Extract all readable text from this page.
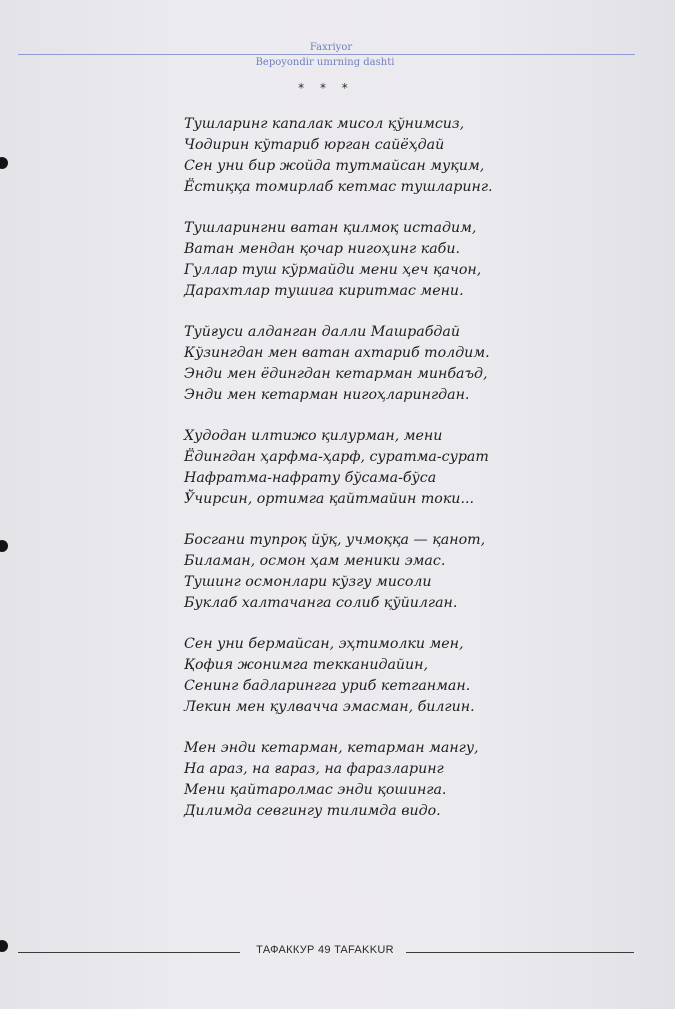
Faxriyor
Bepoyondir umrning dashti
* * *
Тушларинг капалак мисол қўнимсиз,
Чодирин кўтариб юрган сайёҳдай
Сен уни бир жойда тутмайсан муқим,
Ёстиққа томирлаб кетмас тушларинг.
Тушларингни ватан қилмоқ истадим,
Ватан мендан қочар нигоҳинг каби.
Гуллар туш кўрмайди мени ҳеч қачон,
Дарахтлар тушига киритмас мени.
Туйғуси алданган далли Машрабдай
Кўзингдан мен ватан ахтариб толдим.
Энди мен ёдингдан кетарман минбаъд,
Энди мен кетарман нигоҳларингдан.
Худодан илтижо қилурман, мени
Ёдингдан ҳарфма-ҳарф, суратма-сурат
Нафратма-нафрату бўсама-бўса
Ўчирсин, ортимга қайтмайин токи...
Босгани тупроқ йўқ, учмоққа — қанот,
Биламан, осмон ҳам меники эмас.
Тушинг осмонлари кўзгу мисоли
Буклаб халтачанга солиб қўйилган.
Сен уни бермайсан, эҳтимолки мен,
Қофия жонимга текканидайин,
Сенинг бадларингга уриб кетганман.
Лекин мен қулвачча эмасман, билгин.
Мен энди кетарман, кетарман мангу,
На араз, на ғараз, на фаразларинг
Мени қайтаролмас энди қошинга.
Дилимда севгингу тилимда видо.
ТАФАККУР 49 TAFAKKUR
